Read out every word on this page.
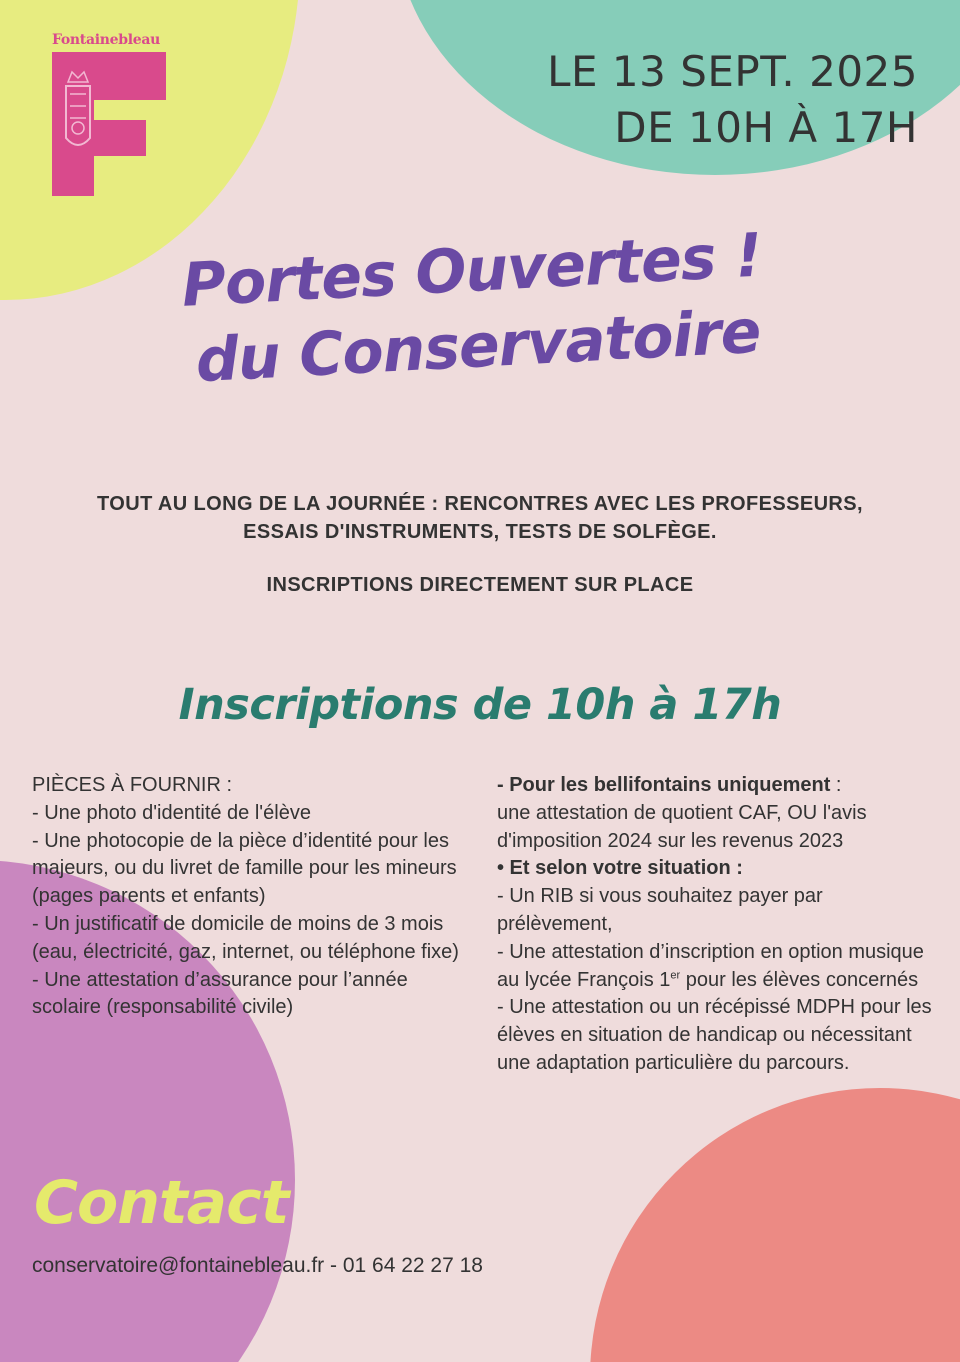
Fontainebleau

LE 13 SEPT. 2025
DE 10H À 17H
Portes Ouvertes !
du Conservatoire

TOUT AU LONG DE LA JOURNÉE : RENCONTRES AVEC LES PROFESSEURS,

ESSAIS D'INSTRUMENTS, TESTS DE SOLFÈGE.

INSCRIPTIONS DIRECTEMENT SUR PLACE

Inscriptions de 10h à 17h

PIÈCES À FOURNIR :

- Une photo d'identité de l'élève

- Une photocopie de la pièce d’identité pour les majeurs, ou du livret de famille pour les mineurs (pages parents et enfants)

- Un justificatif de domicile de moins de 3 mois (eau, électricité, gaz, internet, ou téléphone fixe)

- Une attestation d’assurance pour l’année scolaire (responsabilité civile)

- Pour les bellifontains uniquement :

une attestation de quotient CAF, OU l'avis d'imposition 2024 sur les revenus 2023

• Et selon votre situation :

- Un RIB si vous souhaitez payer par prélèvement,

- Une attestation d’inscription en option musique au lycée François 1er pour les élèves concernés

- Une attestation ou un récépissé MDPH pour les élèves en situation de handicap ou nécessitant une adaptation particulière du parcours.

Contact

conservatoire@fontainebleau.fr - 01 64 22 27 18
